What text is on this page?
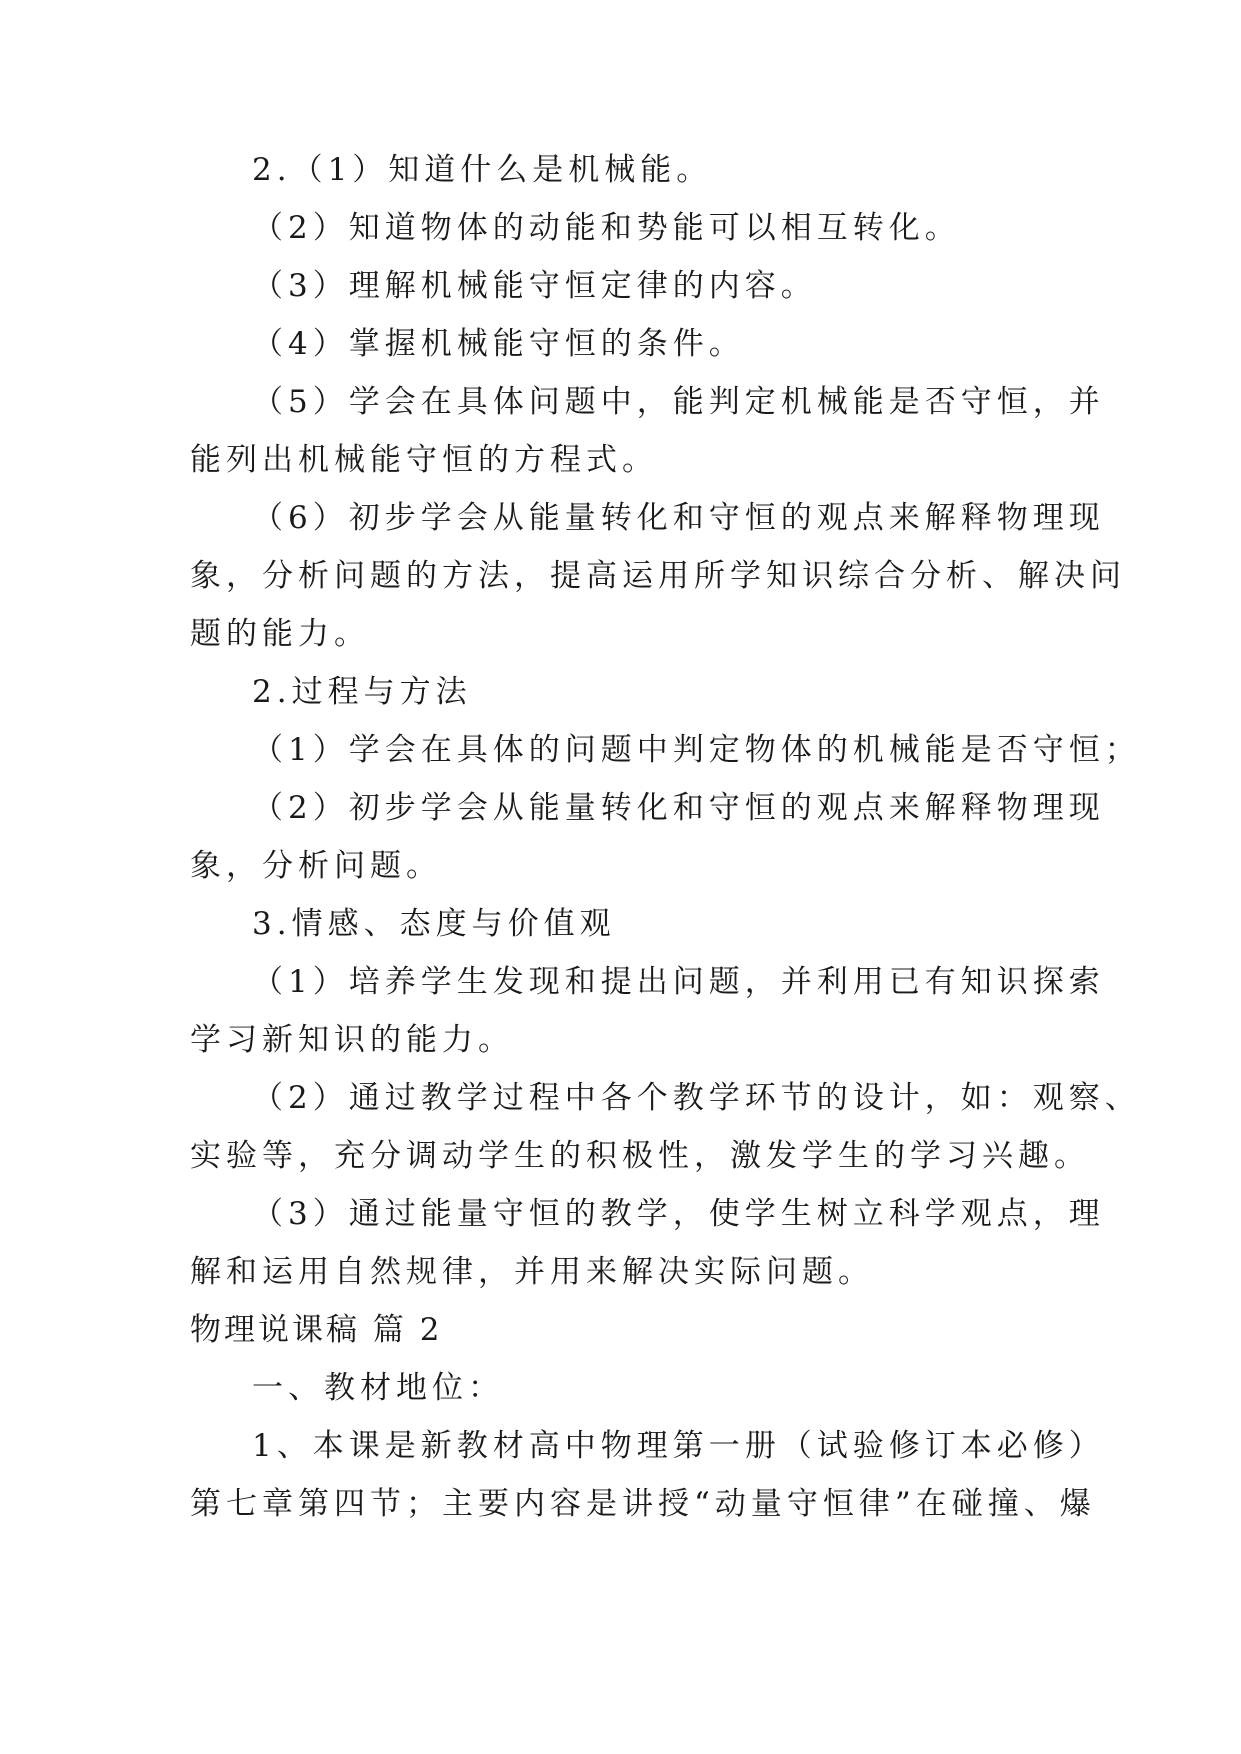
2.（1）知道什么是机械能。
（2）知道物体的动能和势能可以相互转化。
（3）理解机械能守恒定律的内容。
（4）掌握机械能守恒的条件。
（5）学会在具体问题中，能判定机械能是否守恒，并
能列出机械能守恒的方程式。
（6）初步学会从能量转化和守恒的观点来解释物理现
象，分析问题的方法，提高运用所学知识综合分析、解决问
题的能力。
2.过程与方法
（1）学会在具体的问题中判定物体的机械能是否守恒；
（2）初步学会从能量转化和守恒的观点来解释物理现
象，分析问题。
3.情感、态度与价值观
（1）培养学生发现和提出问题，并利用已有知识探索
学习新知识的能力。
（2）通过教学过程中各个教学环节的设计，如：观察、
实验等，充分调动学生的积极性，激发学生的学习兴趣。
（3）通过能量守恒的教学，使学生树立科学观点，理
解和运用自然规律，并用来解决实际问题。
物理说课稿 篇 2
一、教材地位：
1、本课是新教材高中物理第一册（试验修订本必修）
第七章第四节；主要内容是讲授“动量守恒律”在碰撞、爆
